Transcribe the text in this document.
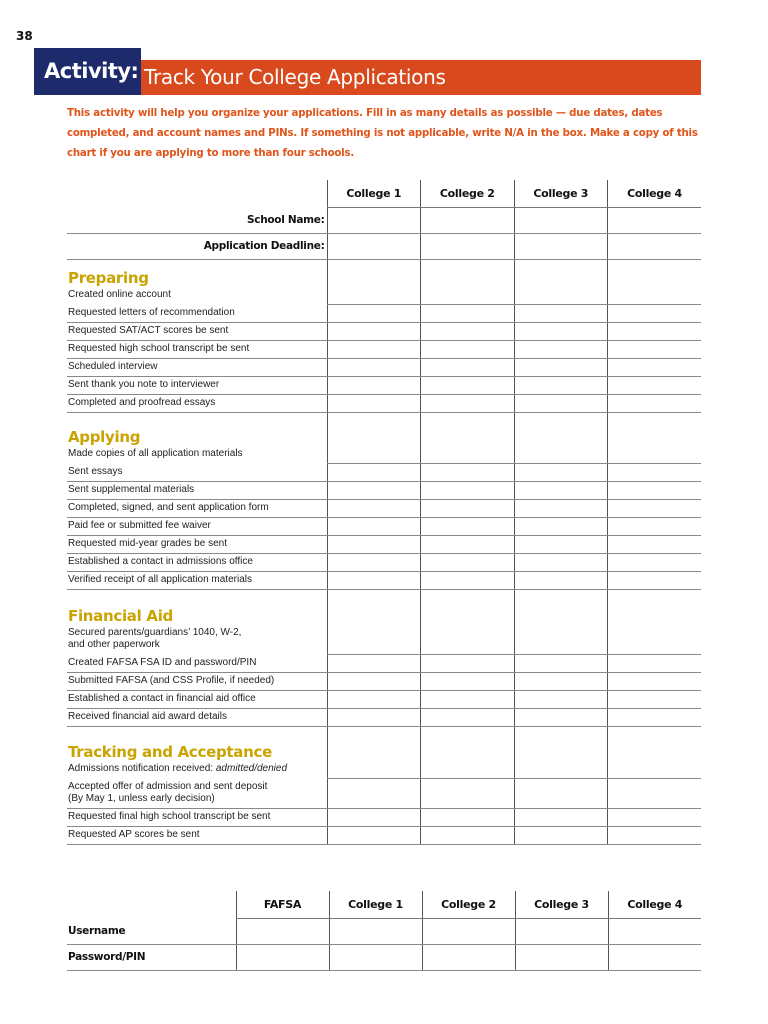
38
Activity: Track Your College Applications

This activity will help you organize your applications. Fill in as many details as possible — due dates, dates completed, and account names and PINs. If something is not applicable, write N/A in the box. Make a copy of this chart if you are applying to more than four schools.

	College 1	College 2	College 3	College 4
School Name:				
Application Deadline:				

Preparing
Created online account				

Requested letters of recommendation				
Requested SAT/ACT scores be sent				
Requested high school transcript be sent				
Scheduled interview				
Sent thank you note to interviewer				
Completed and proofread essays				

Applying
Made copies of all application materials				

Sent essays				
Sent supplemental materials				
Completed, signed, and sent application form				
Paid fee or submitted fee waiver				
Requested mid-year grades be sent				
Established a contact in admissions office				
Verified receipt of all application materials				

Financial Aid
Secured parents/guardians’ 1040, W-2,
and other paperwork				

Created FAFSA FSA ID and password/PIN				
Submitted FAFSA (and CSS Profile, if needed)				
Established a contact in financial aid office				
Received financial aid award details				

Tracking and Acceptance
Admissions notification received: admitted/denied				

Accepted offer of admission and sent deposit
(By May 1, unless early decision)				

Requested final high school transcript be sent				
Requested AP scores be sent				
	FAFSA	College 1	College 2	College 3	College 4
Username					
Password/PIN					
